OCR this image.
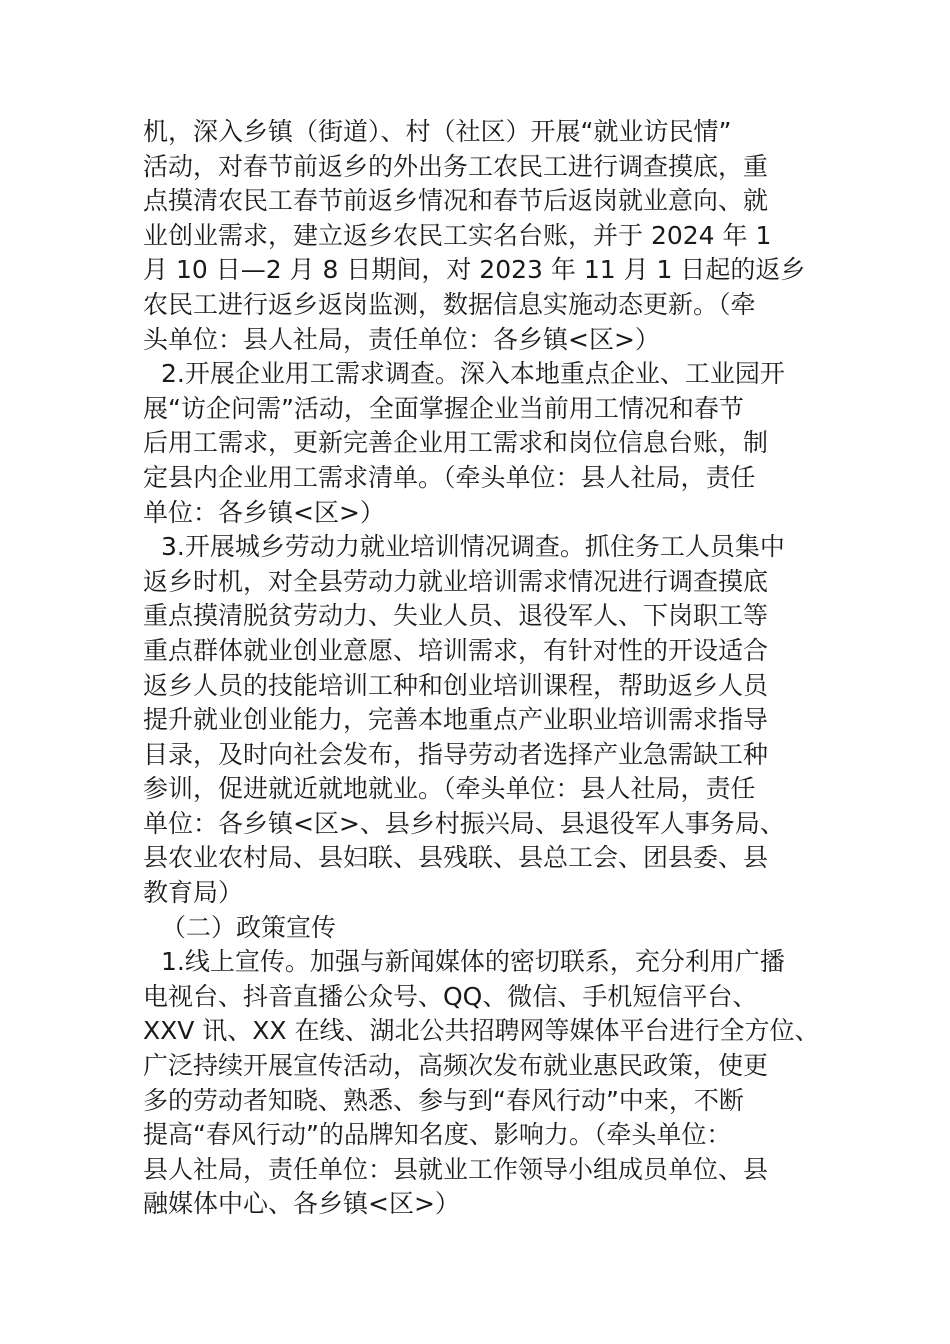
机，深入乡镇（街道）、村（社区）开展“就业访民情”
活动，对春节前返乡的外出务工农民工进行调查摸底，重
点摸清农民工春节前返乡情况和春节后返岗就业意向、就
业创业需求，建立返乡农民工实名台账，并于 2024 年 1
月 10 日—2 月 8 日期间，对 2023 年 11 月 1 日起的返乡
农民工进行返乡返岗监测，数据信息实施动态更新。（牵
头单位：县人社局，责任单位：各乡镇<区>）
2.开展企业用工需求调查。深入本地重点企业、工业园开
展“访企问需”活动，全面掌握企业当前用工情况和春节
后用工需求，更新完善企业用工需求和岗位信息台账，制
定县内企业用工需求清单。（牵头单位：县人社局，责任
单位：各乡镇<区>）
3.开展城乡劳动力就业培训情况调查。抓住务工人员集中
返乡时机，对全县劳动力就业培训需求情况进行调查摸底
重点摸清脱贫劳动力、失业人员、退役军人、下岗职工等
重点群体就业创业意愿、培训需求，有针对性的开设适合
返乡人员的技能培训工种和创业培训课程，帮助返乡人员
提升就业创业能力，完善本地重点产业职业培训需求指导
目录，及时向社会发布，指导劳动者选择产业急需缺工种
参训，促进就近就地就业。（牵头单位：县人社局，责任
单位：各乡镇<区>、县乡村振兴局、县退役军人事务局、
县农业农村局、县妇联、县残联、县总工会、团县委、县
教育局）
（二）政策宣传
1.线上宣传。加强与新闻媒体的密切联系，充分利用广播
电视台、抖音直播公众号、QQ、微信、手机短信平台、
XXV 讯、XX 在线、湖北公共招聘网等媒体平台进行全方位、
广泛持续开展宣传活动，高频次发布就业惠民政策，使更
多的劳动者知晓、熟悉、参与到“春风行动”中来，不断
提高“春风行动”的品牌知名度、影响力。（牵头单位：
县人社局，责任单位：县就业工作领导小组成员单位、县
融媒体中心、各乡镇<区>）
